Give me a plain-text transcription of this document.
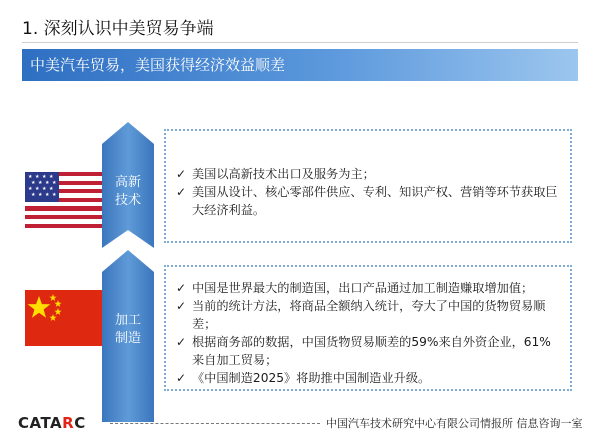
1. 深刻认识中美贸易争端
中美汽车贸易，美国获得经济效益顺差
★ ★ ★ ★
★ ★ ★ ★
★ ★ ★ ★
★ ★ ★ ★
高新
技术
加工
制造
✓ 美国以高新技术出口及服务为主；
✓ 美国从设计、核心零部件供应、专利、知识产权、营销等环节获取巨大经济利益。
✓ 中国是世界最大的制造国，出口产品通过加工制造赚取增加值；
✓ 当前的统计方法，将商品全额纳入统计，夸大了中国的货物贸易顺差；
✓ 根据商务部的数据，中国货物贸易顺差的59%来自外资企业，61%来自加工贸易；
✓ 《中国制造2025》将助推中国制造业升级。
CATARC	中国汽车技术研究中心有限公司情报所 信息咨询一室
